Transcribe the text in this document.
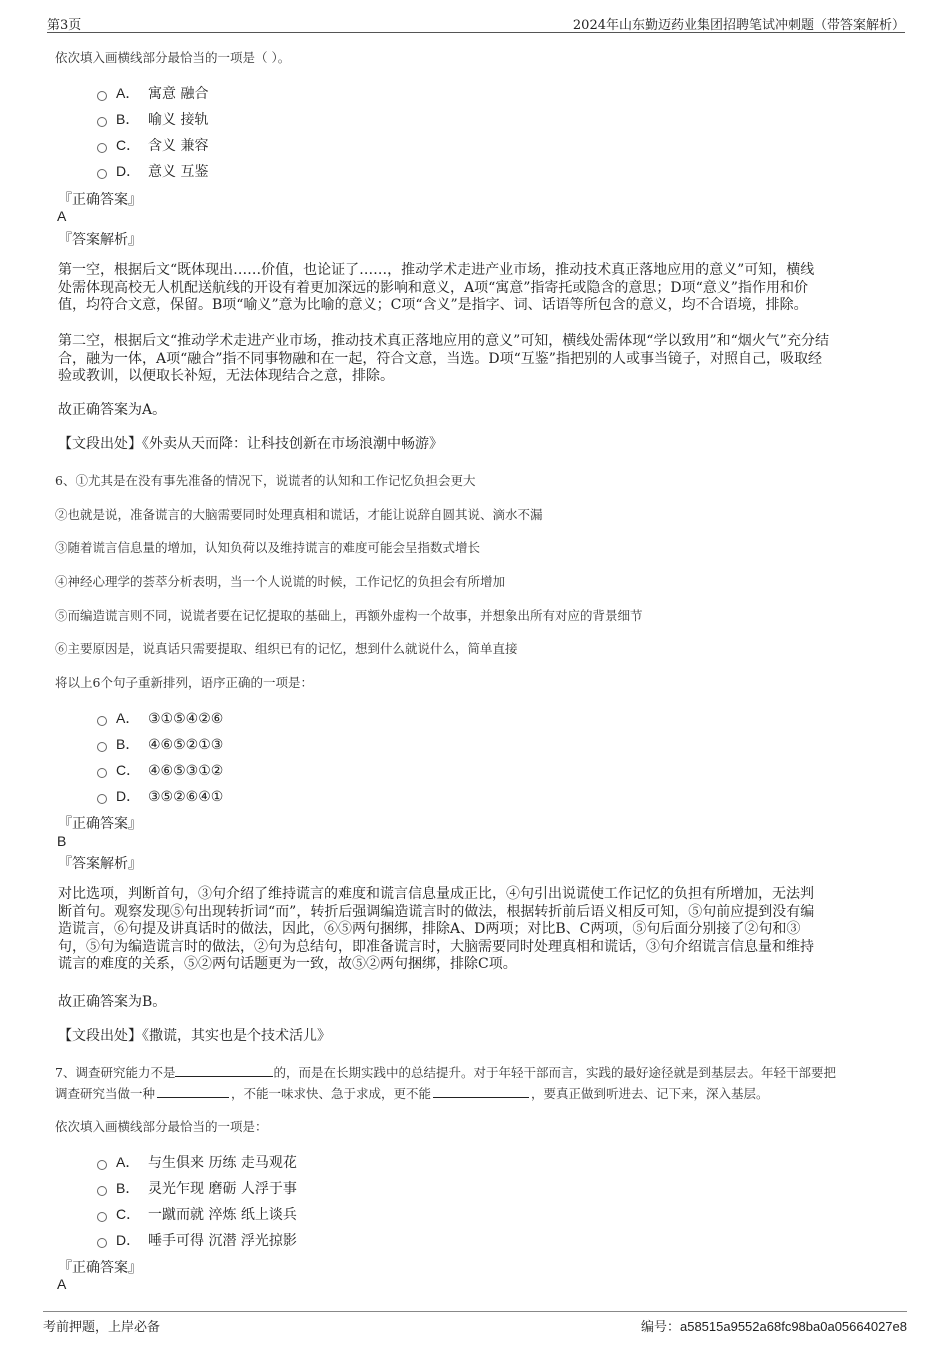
第3页	2024年山东勤迈药业集团招聘笔试冲刺题（带答案解析）
依次填入画横线部分最恰当的一项是（ ）。
A． 寓意 融合
B． 喻义 接轨
C． 含义 兼容
D． 意义 互鉴
『正确答案』
A
『答案解析』

第一空，根据后文“既体现出……价值，也论证了……，推动学术走进产业市场，推动技术真正落地应用的意义”可知，横线

处需体现高校无人机配送航线的开设有着更加深远的影响和意义，A项“寓意”指寄托或隐含的意思；D项“意义”指作用和价

值，均符合文意，保留。B项“喻义”意为比喻的意义；C项“含义”是指字、词、话语等所包含的意义，均不合语境，排除。

第二空，根据后文“推动学术走进产业市场，推动技术真正落地应用的意义”可知，横线处需体现“学以致用”和“烟火气”充分结

合，融为一体，A项“融合”指不同事物融和在一起，符合文意，当选。D项“互鉴”指把别的人或事当镜子，对照自己，吸取经

验或教训，以便取长补短，无法体现结合之意，排除。

故正确答案为A。
【文段出处】《外卖从天而降：让科技创新在市场浪潮中畅游》
6、①尤其是在没有事先准备的情况下，说谎者的认知和工作记忆负担会更大
②也就是说，准备谎言的大脑需要同时处理真相和谎话，才能让说辞自圆其说、滴水不漏
③随着谎言信息量的增加，认知负荷以及维持谎言的难度可能会呈指数式增长
④神经心理学的荟萃分析表明，当一个人说谎的时候，工作记忆的负担会有所增加
⑤而编造谎言则不同，说谎者要在记忆提取的基础上，再额外虚构一个故事，并想象出所有对应的背景细节
⑥主要原因是，说真话只需要提取、组织已有的记忆，想到什么就说什么，简单直接
将以上6个句子重新排列，语序正确的一项是：
A． ③①⑤④②⑥
B． ④⑥⑤②①③
C． ④⑥⑤③①②
D． ③⑤②⑥④①
『正确答案』
B
『答案解析』

对比选项，判断首句，③句介绍了维持谎言的难度和谎言信息量成正比，④句引出说谎使工作记忆的负担有所增加，无法判

断首句。观察发现⑤句出现转折词“而”，转折后强调编造谎言时的做法，根据转折前后语义相反可知，⑤句前应提到没有编

造谎言，⑥句提及讲真话时的做法，因此，⑥⑤两句捆绑，排除A、D两项；对比B、C两项，⑤句后面分别接了②句和③

句，⑤句为编造谎言时的做法，②句为总结句，即准备谎言时，大脑需要同时处理真相和谎话，③句介绍谎言信息量和维持

谎言的难度的关系，⑤②两句话题更为一致，故⑤②两句捆绑，排除C项。

故正确答案为B。
【文段出处】《撒谎，其实也是个技术活儿》
7、调查研究能力不是	的，而是在长期实践中的总结提升。对于年轻干部而言，实践的最好途径就是到基层去。年轻干部要把
调查研究当做一种	，不能一味求快、急于求成，更不能	，要真正做到听进去、记下来，深入基层。
依次填入画横线部分最恰当的一项是：
A． 与生俱来 历练 走马观花
B． 灵光乍现 磨砺 人浮于事
C． 一蹴而就 淬炼 纸上谈兵
D． 唾手可得 沉潜 浮光掠影
『正确答案』
A
考前押题，上岸必备	编号：a58515a9552a68fc98ba0a05664027e8
